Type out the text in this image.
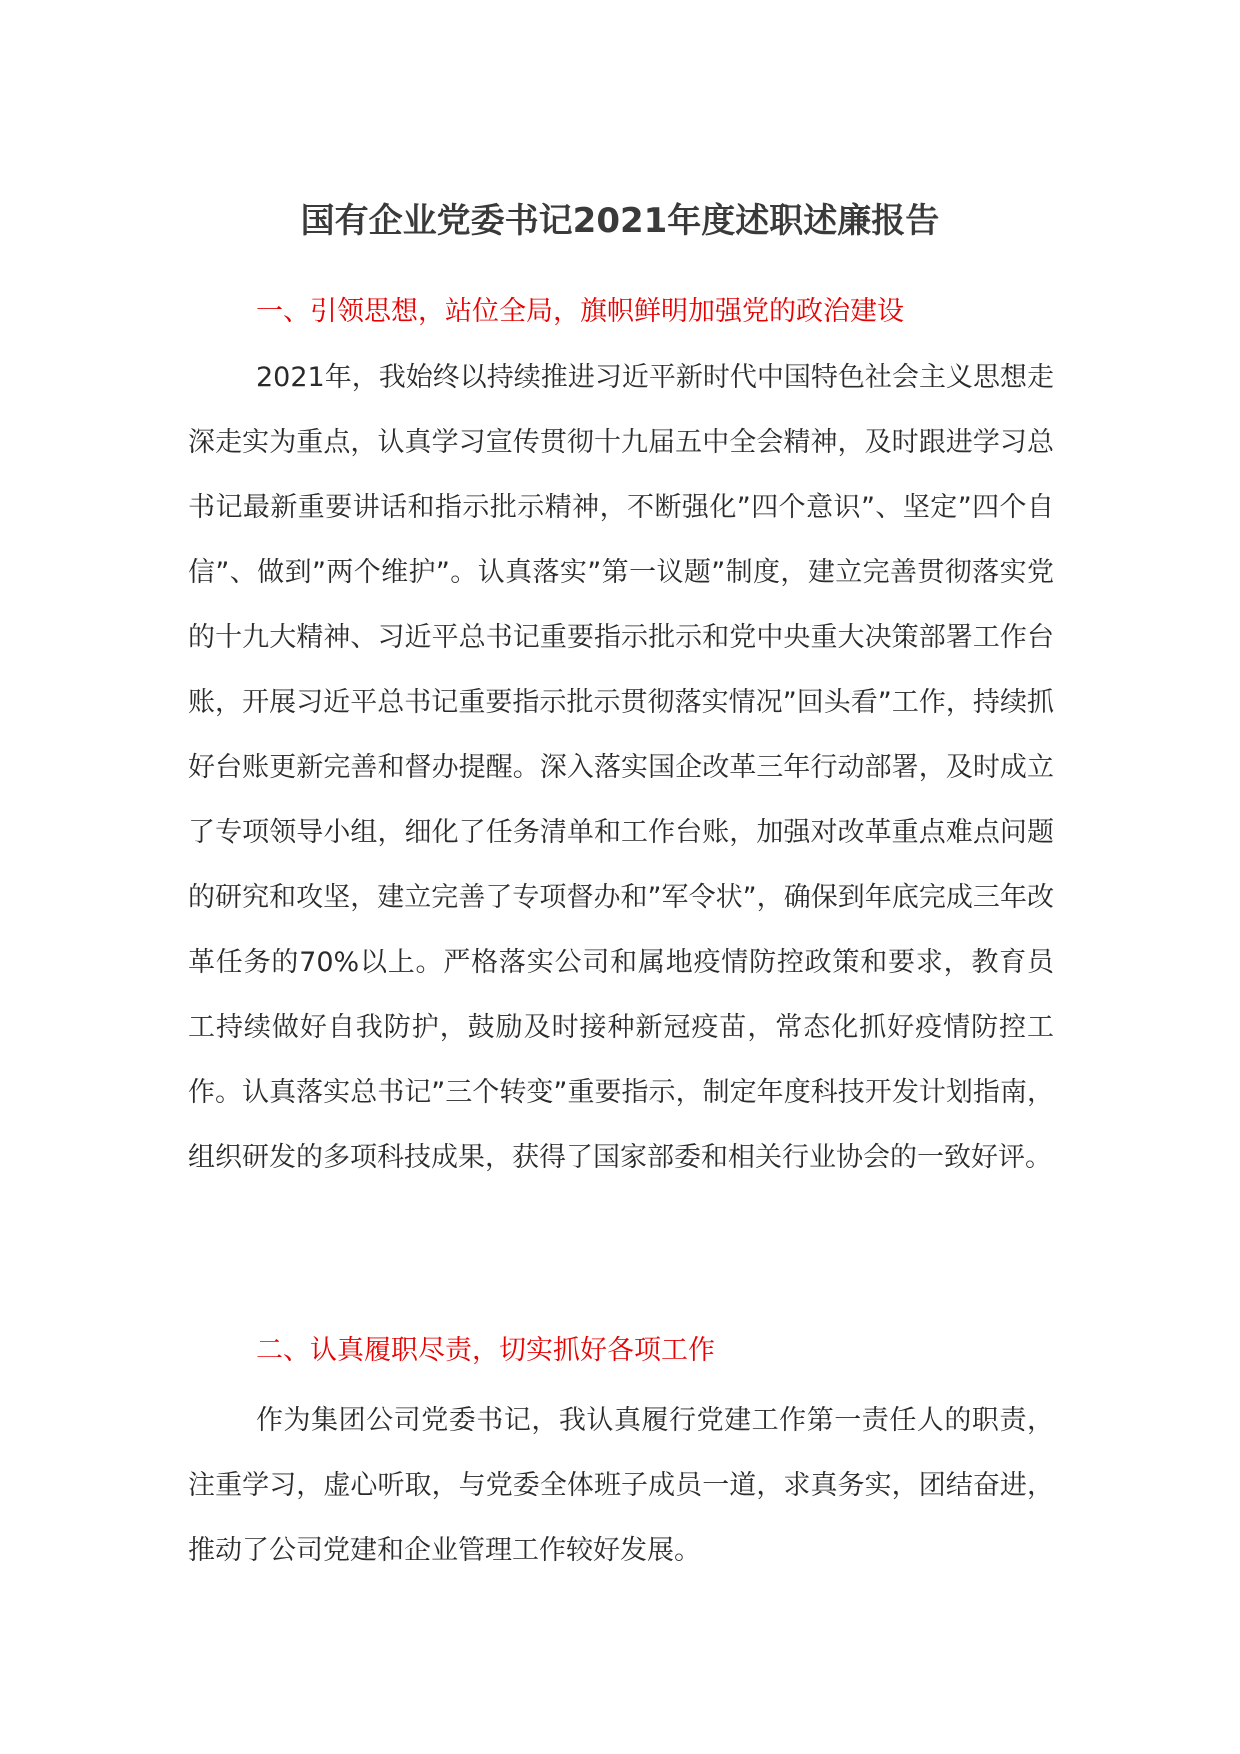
国有企业党委书记2021年度述职述廉报告
一、引领思想，站位全局，旗帜鲜明加强党的政治建设

2021年，我始终以持续推进习近平新时代中国特色社会主义思想走深走实为重点，认真学习宣传贯彻十九届五中全会精神，及时跟进学习总书记最新重要讲话和指示批示精神，不断强化”四个意识”、坚定”四个自信”、做到”两个维护”。认真落实”第一议题”制度，建立完善贯彻落实党的十九大精神、习近平总书记重要指示批示和党中央重大决策部署工作台账，开展习近平总书记重要指示批示贯彻落实情况”回头看”工作，持续抓好台账更新完善和督办提醒。深入落实国企改革三年行动部署，及时成立了专项领导小组，细化了任务清单和工作台账，加强对改革重点难点问题的研究和攻坚，建立完善了专项督办和”军令状”，确保到年底完成三年改革任务的70%以上。严格落实公司和属地疫情防控政策和要求，教育员工持续做好自我防护，鼓励及时接种新冠疫苗，常态化抓好疫情防控工作。认真落实总书记”三个转变”重要指示，制定年度科技开发计划指南，组织研发的多项科技成果，获得了国家部委和相关行业协会的一致好评。

二、认真履职尽责，切实抓好各项工作

作为集团公司党委书记，我认真履行党建工作第一责任人的职责，注重学习，虚心听取，与党委全体班子成员一道，求真务实，团结奋进，推动了公司党建和企业管理工作较好发展。
